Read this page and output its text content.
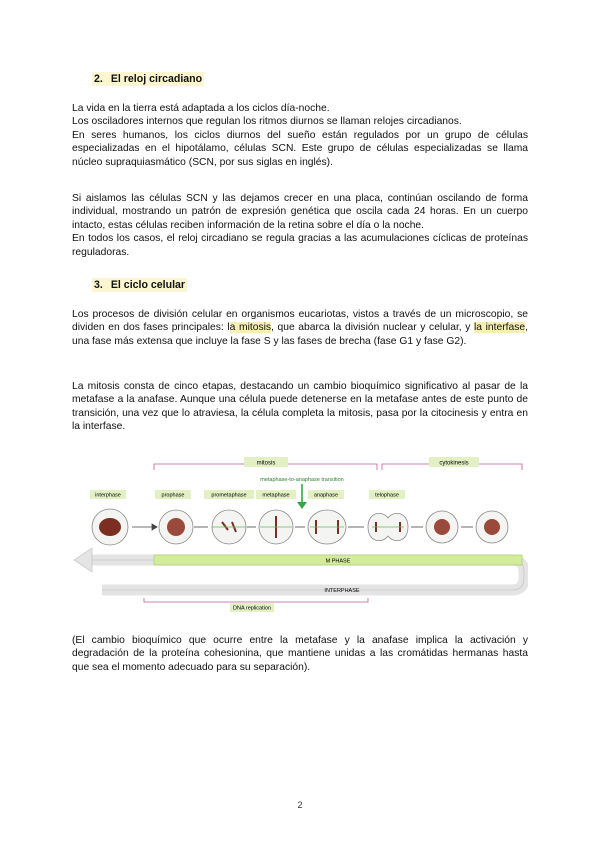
2. El reloj circadiano

La vida en la tierra está adaptada a los ciclos día-noche.
Los osciladores internos que regulan los ritmos diurnos se llaman relojes circadianos.
En seres humanos, los ciclos diurnos del sueño están regulados por un grupo de células especializadas en el hipotálamo, células SCN. Este grupo de células especializadas se llama núcleo supraquiasmático (SCN, por sus siglas en inglés).

Si aislamos las células SCN y las dejamos crecer en una placa, continúan oscilando de forma individual, mostrando un patrón de expresión genética que oscila cada 24 horas. En un cuerpo intacto, estas células reciben información de la retina sobre el día o la noche.
En todos los casos, el reloj circadiano se regula gracias a las acumulaciones cíclicas de proteínas reguladoras.

3. El ciclo celular

Los procesos de división celular en organismos eucariotas, vistos a través de un microscopio, se dividen en dos fases principales: la mitosis, que abarca la división nuclear y celular, y la interfase, una fase más extensa que incluye la fase S y las fases de brecha (fase G1 y fase G2).

La mitosis consta de cinco etapas, destacando un cambio bioquímico significativo al pasar de la metafase a la anafase. Aunque una célula puede detenerse en la metafase antes de este punto de transición, una vez que lo atraviesa, la célula completa la mitosis, pasa por la citocinesis y entra en la interfase.

mitosis	cytokinesis
metaphase-to-anaphase transition
interphase	prophase	prometaphase	metaphase	anaphase	telophase
M PHASE
INTERPHASE
DNA replication

(El cambio bioquímico que ocurre entre la metafase y la anafase implica la activación y degradación de la proteína cohesionina, que mantiene unidas a las cromátidas hermanas hasta que sea el momento adecuado para su separación).

2
